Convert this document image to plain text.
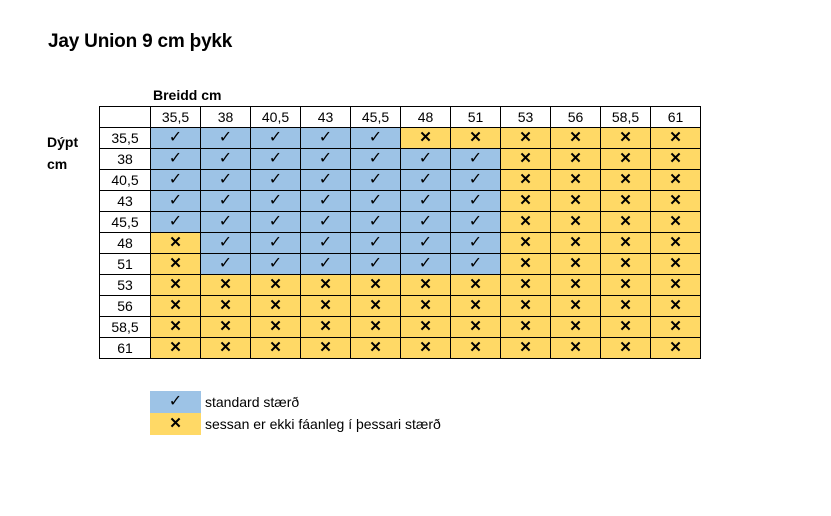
Jay Union 9 cm þykk
Breidd cm
Dýpt
cm
	35,5	38	40,5	43	45,5	48	51	53	56	58,5	61
35,5	✓	✓	✓	✓	✓	✕	✕	✕	✕	✕	✕
38	✓	✓	✓	✓	✓	✓	✓	✕	✕	✕	✕
40,5	✓	✓	✓	✓	✓	✓	✓	✕	✕	✕	✕
43	✓	✓	✓	✓	✓	✓	✓	✕	✕	✕	✕
45,5	✓	✓	✓	✓	✓	✓	✓	✕	✕	✕	✕
48	✕	✓	✓	✓	✓	✓	✓	✕	✕	✕	✕
51	✕	✓	✓	✓	✓	✓	✓	✕	✕	✕	✕
53	✕	✕	✕	✕	✕	✕	✕	✕	✕	✕	✕
56	✕	✕	✕	✕	✕	✕	✕	✕	✕	✕	✕
58,5	✕	✕	✕	✕	✕	✕	✕	✕	✕	✕	✕
61	✕	✕	✕	✕	✕	✕	✕	✕	✕	✕	✕
✓ standard stærð
✕ sessan er ekki fáanleg í þessari stærð
